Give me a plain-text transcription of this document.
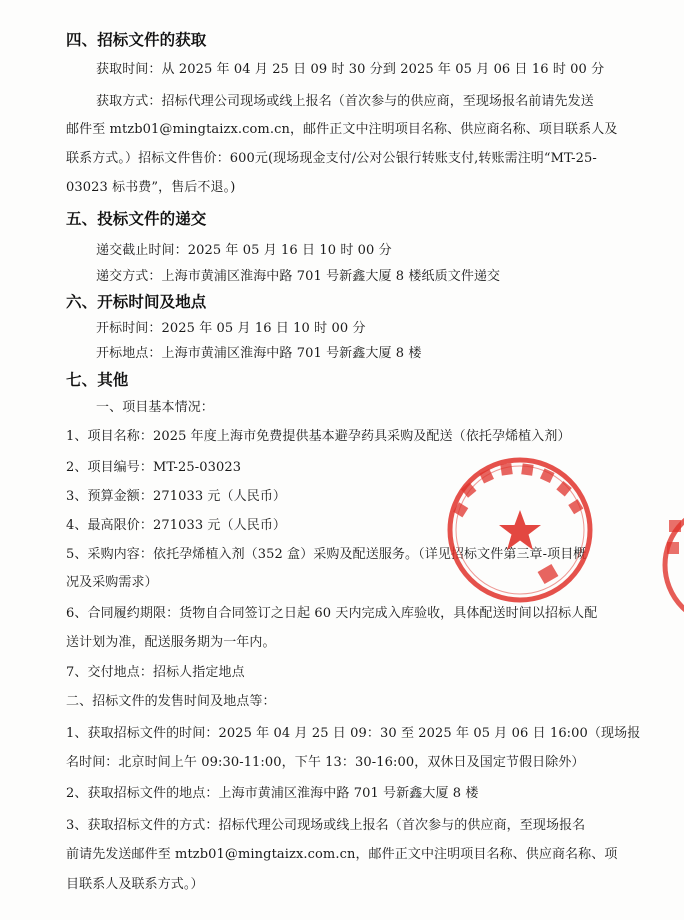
四、招标文件的获取
获取时间：从 2025 年 04 月 25 日 09 时 30 分到 2025 年 05 月 06 日 16 时 00 分
获取方式：招标代理公司现场或线上报名（首次参与的供应商，至现场报名前请先发送
邮件至 mtzb01@mingtaizx.com.cn，邮件正文中注明项目名称、供应商名称、项目联系人及
联系方式。）招标文件售价：600元(现场现金支付/公对公银行转账支付,转账需注明“MT-25-
03023 标书费”，售后不退。)
五、投标文件的递交
递交截止时间：2025 年 05 月 16 日 10 时 00 分
递交方式：上海市黄浦区淮海中路 701 号新鑫大厦 8 楼纸质文件递交
六、开标时间及地点
开标时间：2025 年 05 月 16 日 10 时 00 分
开标地点：上海市黄浦区淮海中路 701 号新鑫大厦 8 楼
七、其他
一、项目基本情况：
1、项目名称：2025 年度上海市免费提供基本避孕药具采购及配送（依托孕烯植入剂）
2、项目编号：MT-25-03023
3、预算金额：271033 元（人民币）
4、最高限价：271033 元（人民币）
5、采购内容：依托孕烯植入剂（352 盒）采购及配送服务。（详见招标文件第三章-项目概
况及采购需求）
6、合同履约期限：货物自合同签订之日起 60 天内完成入库验收，具体配送时间以招标人配
送计划为准，配送服务期为一年内。
7、交付地点：招标人指定地点
二、招标文件的发售时间及地点等：
1、获取招标文件的时间：2025 年 04 月 25 日 09：30 至 2025 年 05 月 06 日 16:00（现场报
名时间：北京时间上午 09:30-11:00，下午 13：30-16:00，双休日及国定节假日除外）
2、获取招标文件的地点：上海市黄浦区淮海中路 701 号新鑫大厦 8 楼
3、获取招标文件的方式：招标代理公司现场或线上报名（首次参与的供应商，至现场报名
前请先发送邮件至 mtzb01@mingtaizx.com.cn，邮件正文中注明项目名称、供应商名称、项
目联系人及联系方式。）
